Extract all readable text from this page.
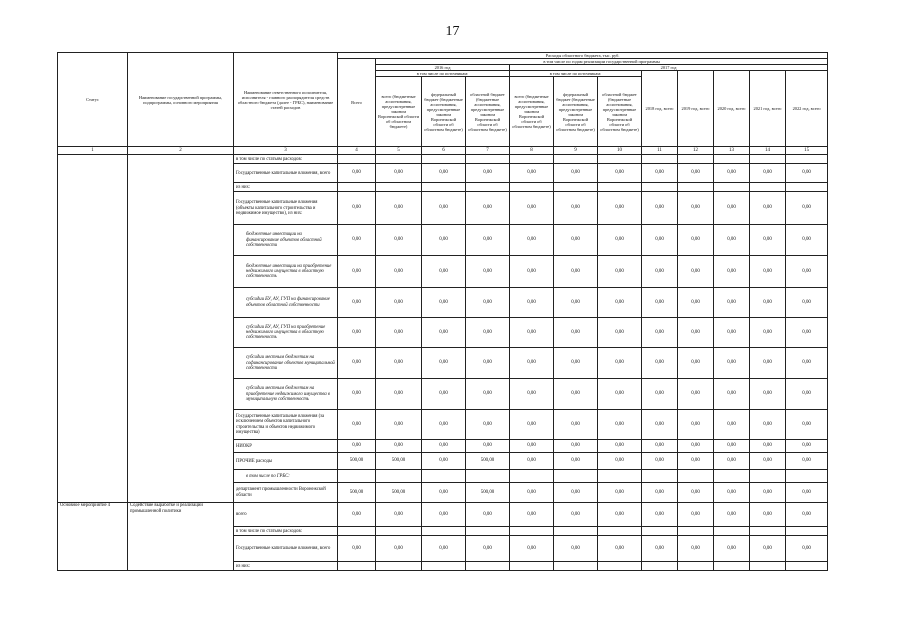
17
Статус	Наименование государственной программы, подпрограммы, основного мероприятия	Наименование ответственного исполнителя, исполнителя - главного распорядителя средств областного бюджета (далее - ГРБС), наименование статей расходов	Расходы областного бюджета, тыс. руб.											
			Всего	в том числе по годам реализации государственной программы										
				2016 год			2017 год							
				в том числе по источникам:			в том числе по источникам:			2018 год, всего	2019 год, всего	2020 год, всего	2021 год, всего	2022 год, всего
				всего (бюджетные ассигнования, предусмотренные законом Воронежской области об областном бюджете)	федеральный бюджет (бюджетные ассигнования, предусмотренные законом Воронежской области об областном бюджете)	областной бюджет (бюджетные ассигнования, предусмотренные законом Воронежской области об областном бюджете)	всего (бюджетные ассигнования, предусмотренные законом Воронежской области об областном бюджете)	федеральный бюджет (бюджетные ассигнования, предусмотренные законом Воронежской области об областном бюджете)	областной бюджет (бюджетные ассигнования, предусмотренные законом Воронежской области об областном бюджете)					
1	2	3	4	5	6	7	8	9	10	11	12	13	14	15
		в том числе по статьям расходов:												
		Государственные капитальные вложения, всего	0,00	0,00	0,00	0,00	0,00	0,00	0,00	0,00	0,00	0,00	0,00	0,00
		из них:												
		Государственные капитальные вложения (объекты капитального строительства и недвижимое имущество), из них:	0,00	0,00	0,00	0,00	0,00	0,00	0,00	0,00	0,00	0,00	0,00	0,00
		бюджетные инвестиции на финансирование объектов областной собственности	0,00	0,00	0,00	0,00	0,00	0,00	0,00	0,00	0,00	0,00	0,00	0,00
		бюджетные инвестиции на приобретение недвижимого имущества в областную собственность	0,00	0,00	0,00	0,00	0,00	0,00	0,00	0,00	0,00	0,00	0,00	0,00
		субсидии БУ, АУ, ГУП на финансирование объектов областной собственности	0,00	0,00	0,00	0,00	0,00	0,00	0,00	0,00	0,00	0,00	0,00	0,00
		субсидии БУ, АУ, ГУП на приобретение недвижимого имущества в областную собственность	0,00	0,00	0,00	0,00	0,00	0,00	0,00	0,00	0,00	0,00	0,00	0,00
		субсидии местным бюджетам на софинансирование объектов муниципальной собственности	0,00	0,00	0,00	0,00	0,00	0,00	0,00	0,00	0,00	0,00	0,00	0,00
		субсидии местным бюджетам на приобретение недвижимого имущества в муниципальную собственность	0,00	0,00	0,00	0,00	0,00	0,00	0,00	0,00	0,00	0,00	0,00	0,00
		Государственные капитальные вложения (за исключением объектов капитального строительства и объектов недвижимого имущества)	0,00	0,00	0,00	0,00	0,00	0,00	0,00	0,00	0,00	0,00	0,00	0,00
		НИОКР	0,00	0,00	0,00	0,00	0,00	0,00	0,00	0,00	0,00	0,00	0,00	0,00
		ПРОЧИЕ расходы	500,00	500,00	0,00	500,00	0,00	0,00	0,00	0,00	0,00	0,00	0,00	0,00
		в том числе по ГРБС:												
		департамент промышленности Воронежской области	500,00	500,00	0,00	500,00	0,00	0,00	0,00	0,00	0,00	0,00	0,00	0,00
Основное мероприятие 4	Содействие выработке и реализации промышленной политики	всего	0,00	0,00	0,00	0,00	0,00	0,00	0,00	0,00	0,00	0,00	0,00	0,00
		в том числе по статьям расходов:												
		Государственные капитальные вложения, всего	0,00	0,00	0,00	0,00	0,00	0,00	0,00	0,00	0,00	0,00	0,00	0,00
		из них:												
